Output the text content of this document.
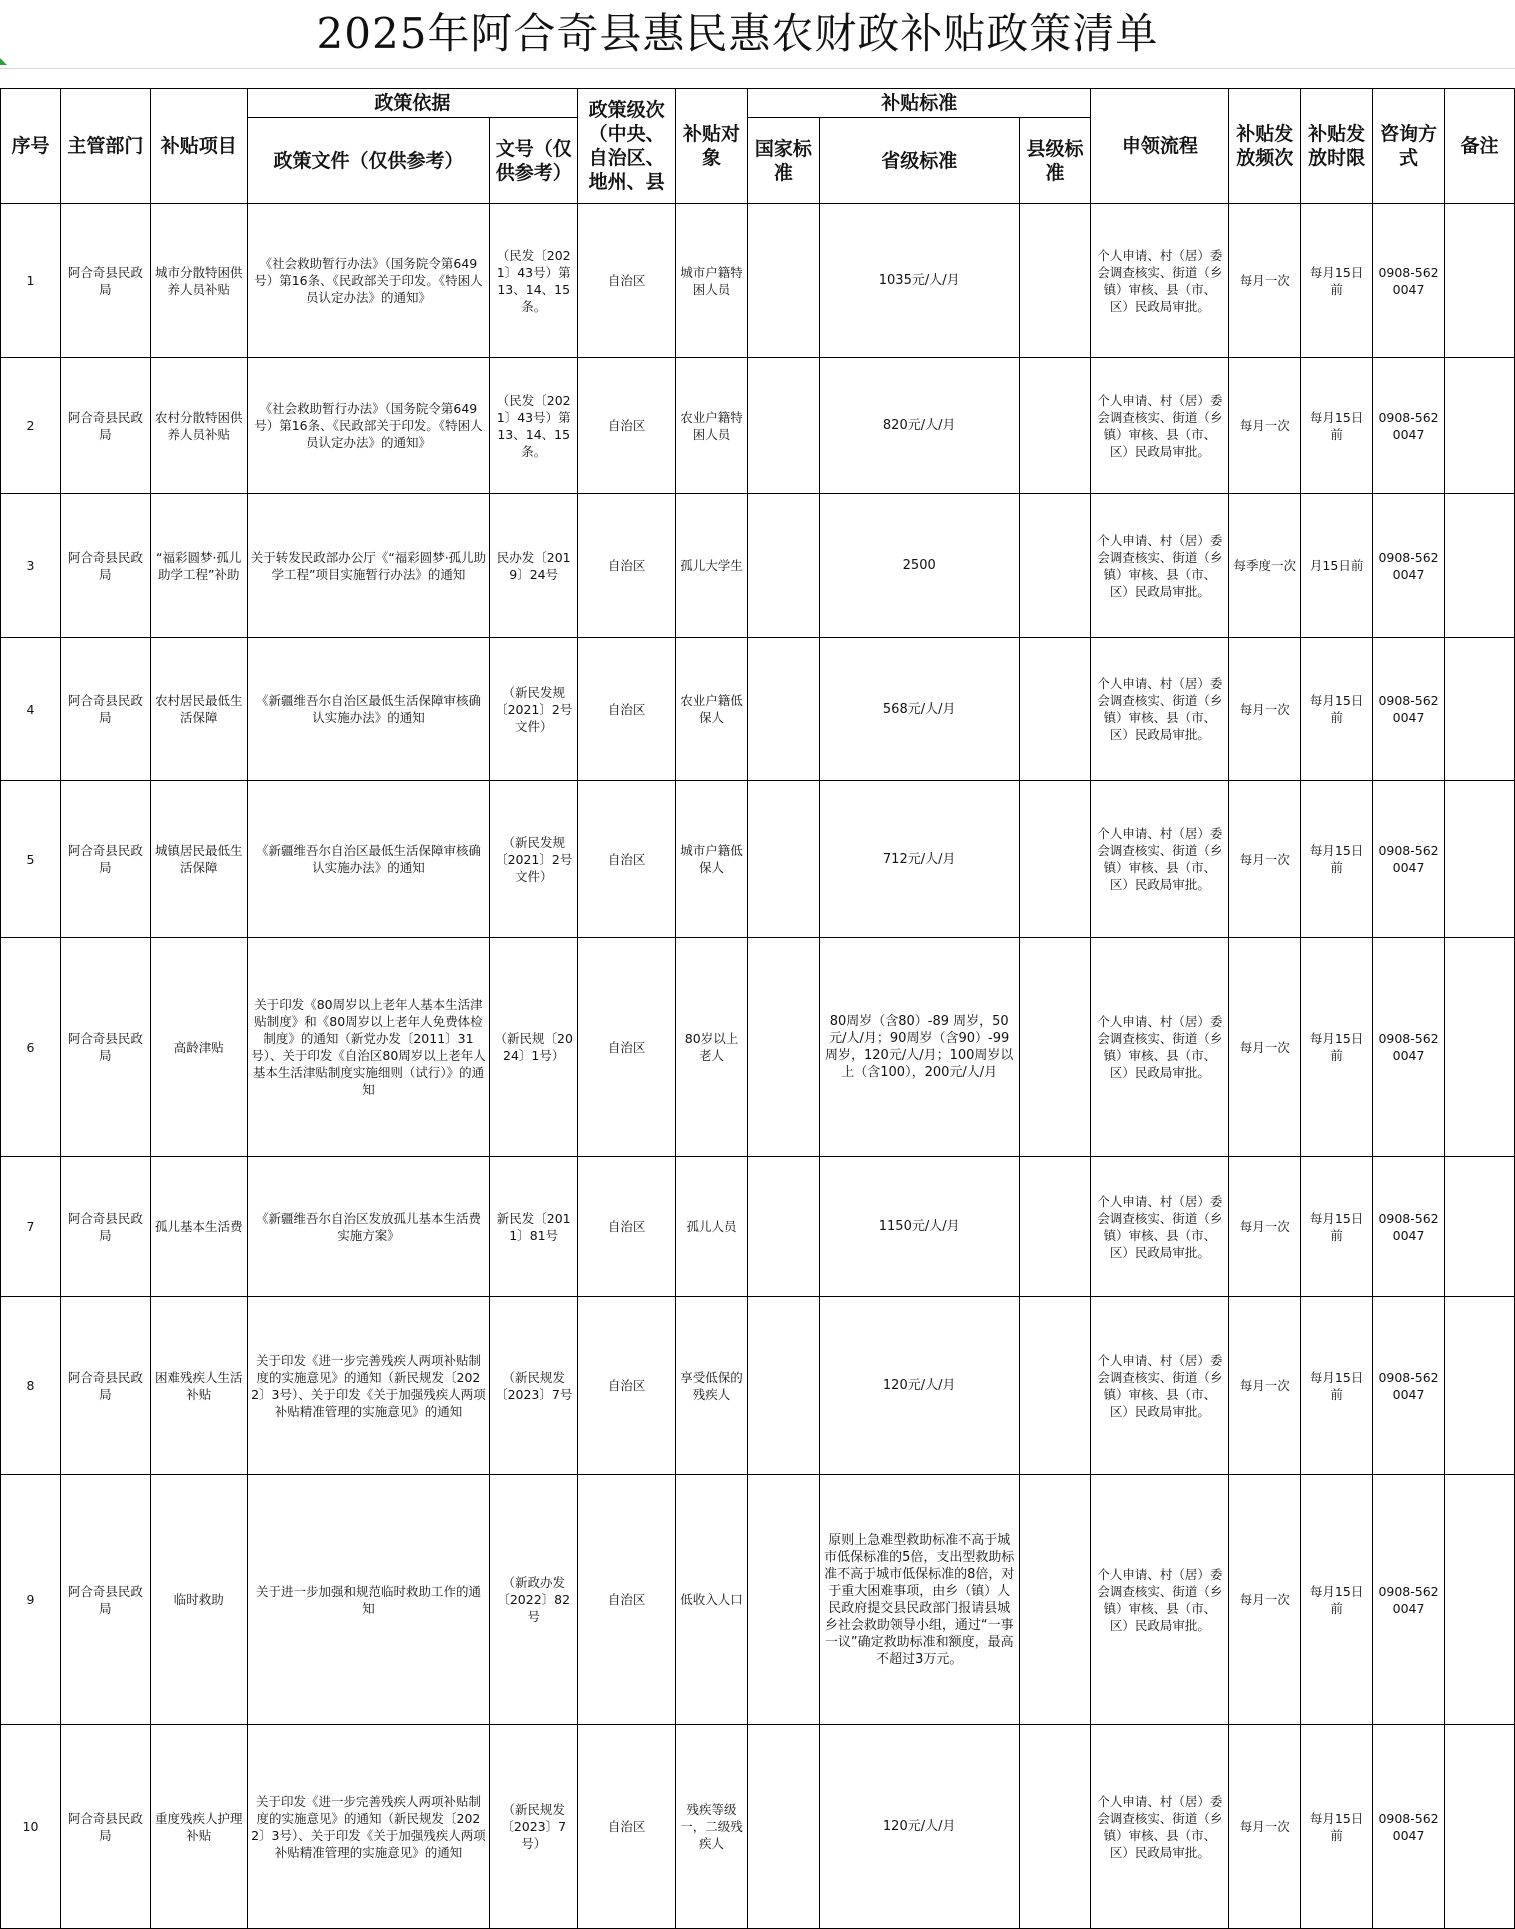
2025年阿合奇县惠民惠农财政补贴政策清单
序号	主管部门	补贴项目	政策依据		政策级次（中央、自治区、地州、县	补贴对象	补贴标准			申领流程	补贴发放频次	补贴发放时限	咨询方式	备注
			政策文件（仅供参考）	文号（仅供参考）			国家标准	省级标准	县级标准					
1	阿合奇县民政局	城市分散特困供养人员补贴	《社会救助暂行办法》（国务院令第649号）第16条、《民政部关于印发。《特困人员认定办法》的通知》	（民发〔2021〕43号）第13、14、15条。	自治区	城市户籍特困人员		1035元/人/月		个人申请、村（居）委会调查核实、街道（乡镇）审核、县（市、区）民政局审批。	每月一次	每月15日前	0908-5620047	
2	阿合奇县民政局	农村分散特困供养人员补贴	《社会救助暂行办法》（国务院令第649号）第16条、《民政部关于印发。《特困人员认定办法》的通知》	（民发〔2021〕43号）第13、14、15条。	自治区	农业户籍特困人员		820元/人/月		个人申请、村（居）委会调查核实、街道（乡镇）审核、县（市、区）民政局审批。	每月一次	每月15日前	0908-5620047	
3	阿合奇县民政局	“福彩圆梦·孤儿助学工程”补助	关于转发民政部办公厅《“福彩圆梦·孤儿助学工程”项目实施暂行办法》的通知	民办发〔2019〕24号	自治区	孤儿大学生		2500		个人申请、村（居）委会调查核实、街道（乡镇）审核、县（市、区）民政局审批。	每季度一次	月15日前	0908-5620047	
4	阿合奇县民政局	农村居民最低生活保障	《新疆维吾尔自治区最低生活保障审核确认实施办法》的通知	（新民发规〔2021〕2号文件）	自治区	农业户籍低保人		568元/人/月		个人申请、村（居）委会调查核实、街道（乡镇）审核、县（市、区）民政局审批。	每月一次	每月15日前	0908-5620047	
5	阿合奇县民政局	城镇居民最低生活保障	《新疆维吾尔自治区最低生活保障审核确认实施办法》的通知	（新民发规〔2021〕2号文件）	自治区	城市户籍低保人		712元/人/月		个人申请、村（居）委会调查核实、街道（乡镇）审核、县（市、区）民政局审批。	每月一次	每月15日前	0908-5620047	
6	阿合奇县民政局	高龄津贴	关于印发《80周岁以上老年人基本生活津贴制度》和《80周岁以上老年人免费体检制度》的通知（新党办发〔2011〕31号）、关于印发《自治区80周岁以上老年人基本生活津贴制度实施细则（试行）》的通知	（新民规〔2024〕1号）	自治区	80岁以上老人		80周岁（含80）-89 周岁，50元/人/月；90周岁（含90）-99 周岁，120元/人/月；100周岁以上（含100），200元/人/月		个人申请、村（居）委会调查核实、街道（乡镇）审核、县（市、区）民政局审批。	每月一次	每月15日前	0908-5620047	
7	阿合奇县民政局	孤儿基本生活费	《新疆维吾尔自治区发放孤儿基本生活费实施方案》	新民发〔2011〕81号	自治区	孤儿人员		1150元/人/月		个人申请、村（居）委会调查核实、街道（乡镇）审核、县（市、区）民政局审批。	每月一次	每月15日前	0908-5620047	
8	阿合奇县民政局	困难残疾人生活补贴	关于印发《进一步完善残疾人两项补贴制度的实施意见》的通知（新民规发〔2022〕3号）、关于印发《关于加强残疾人两项补贴精准管理的实施意见》的通知	（新民规发〔2023〕7号	自治区	享受低保的残疾人		120元/人/月		个人申请、村（居）委会调查核实、街道（乡镇）审核、县（市、区）民政局审批。	每月一次	每月15日前	0908-5620047	
9	阿合奇县民政局	临时救助	关于进一步加强和规范临时救助工作的通知	（新政办发〔2022〕82号	自治区	低收入人口		原则上急难型救助标准不高于城市低保标准的5倍，支出型救助标准不高于城市低保标准的8倍，对于重大困难事项，由乡（镇）人民政府提交县民政部门报请县城乡社会救助领导小组，通过“一事一议”确定救助标准和额度，最高不超过3万元。		个人申请、村（居）委会调查核实、街道（乡镇）审核、县（市、区）民政局审批。	每月一次	每月15日前	0908-5620047	
10	阿合奇县民政局	重度残疾人护理补贴	关于印发《进一步完善残疾人两项补贴制度的实施意见》的通知（新民规发〔2022〕3号）、关于印发《关于加强残疾人两项补贴精准管理的实施意见》的通知	（新民规发〔2023〕7号）	自治区	残疾等级一，二级残疾人		120元/人/月		个人申请、村（居）委会调查核实、街道（乡镇）审核、县（市、区）民政局审批。	每月一次	每月15日前	0908-5620047	
